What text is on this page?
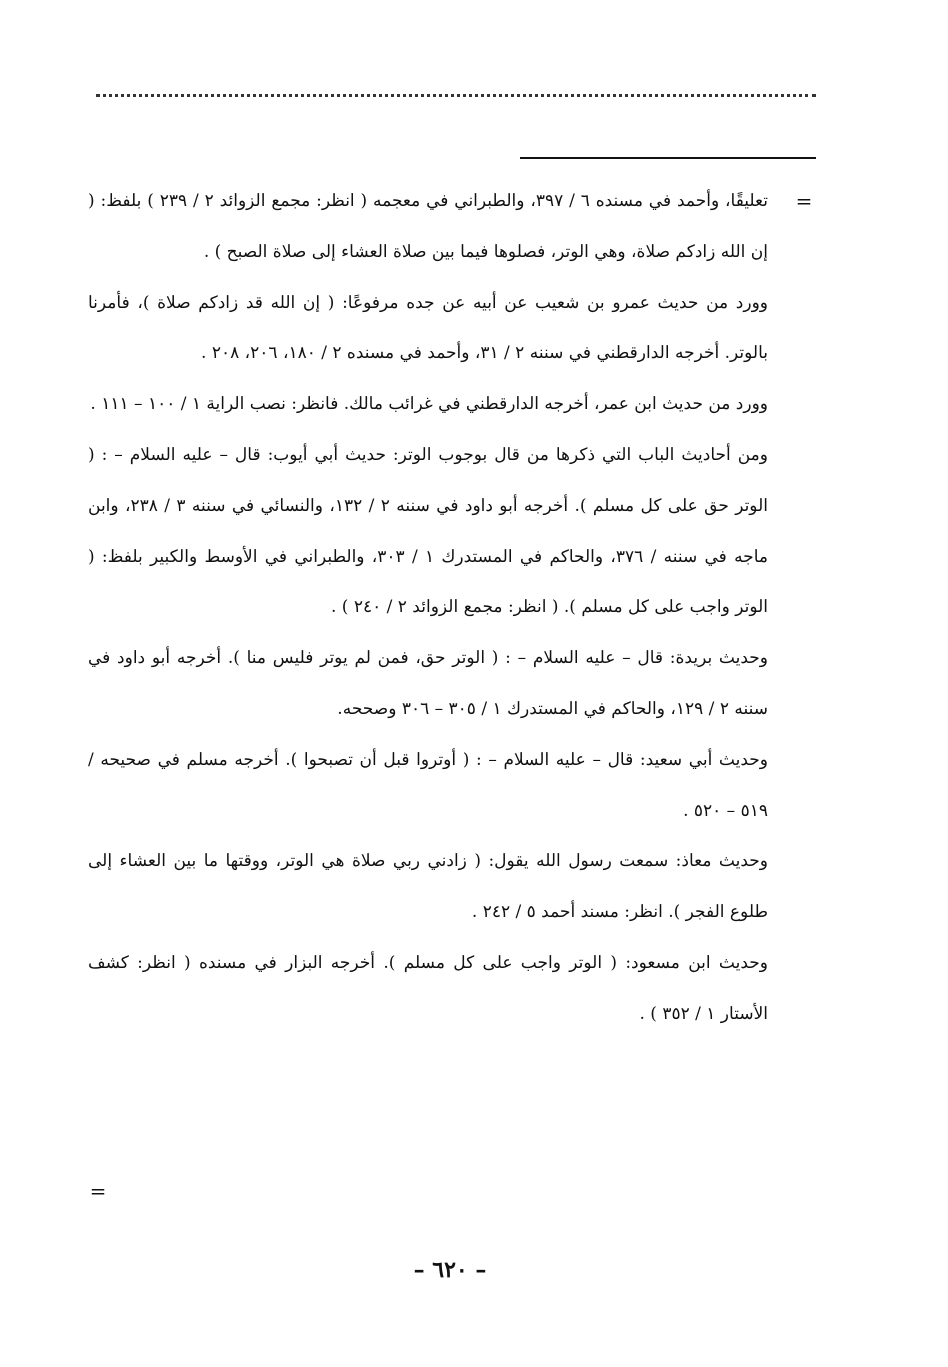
=

تعليقًا، وأحمد في مسنده ٦ / ٣٩٧، والطبراني في معجمه ( انظر: مجمع الزوائد ٢ / ٢٣٩ ) بلفظ: ( إن الله زادكم صلاة، وهي الوتر، فصلوها فيما بين صلاة العشاء إلى صلاة الصبح ) .

وورد من حديث عمرو بن شعيب عن أبيه عن جده مرفوعًا: ( إن الله قد زادكم صلاة )، فأمرنا بالوتر. أخرجه الدارقطني في سننه ٢ / ٣١، وأحمد في مسنده ٢ / ١٨٠، ٢٠٦، ٢٠٨ .

وورد من حديث ابن عمر، أخرجه الدارقطني في غرائب مالك. فانظر: نصب الراية ١ / ١٠٠ – ١١١ .

ومن أحاديث الباب التي ذكرها من قال بوجوب الوتر: حديث أبي أيوب: قال – عليه السلام – : ( الوتر حق على كل مسلم ). أخرجه أبو داود في سننه ٢ / ١٣٢، والنسائي في سننه ٣ / ٢٣٨، وابن ماجه في سننه / ٣٧٦، والحاكم في المستدرك ١ / ٣٠٣، والطبراني في الأوسط والكبير بلفظ: ( الوتر واجب على كل مسلم ). ( انظر: مجمع الزوائد ٢ / ٢٤٠ ) .

وحديث بريدة: قال – عليه السلام – : ( الوتر حق، فمن لم يوتر فليس منا ). أخرجه أبو داود في سننه ٢ / ١٢٩، والحاكم في المستدرك ١ / ٣٠٥ – ٣٠٦ وصححه.

وحديث أبي سعيد: قال – عليه السلام – : ( أوتروا قبل أن تصبحوا ). أخرجه مسلم في صحيحه / ٥١٩ – ٥٢٠ .

وحديث معاذ: سمعت رسول الله يقول: ( زادني ربي صلاة هي الوتر، ووقتها ما بين العشاء إلى طلوع الفجر ). انظر: مسند أحمد ٥ / ٢٤٢ .

وحديث ابن مسعود: ( الوتر واجب على كل مسلم ). أخرجه البزار في مسنده ( انظر: كشف الأستار ١ / ٣٥٢ ) .

=
– ٦٢٠ –
